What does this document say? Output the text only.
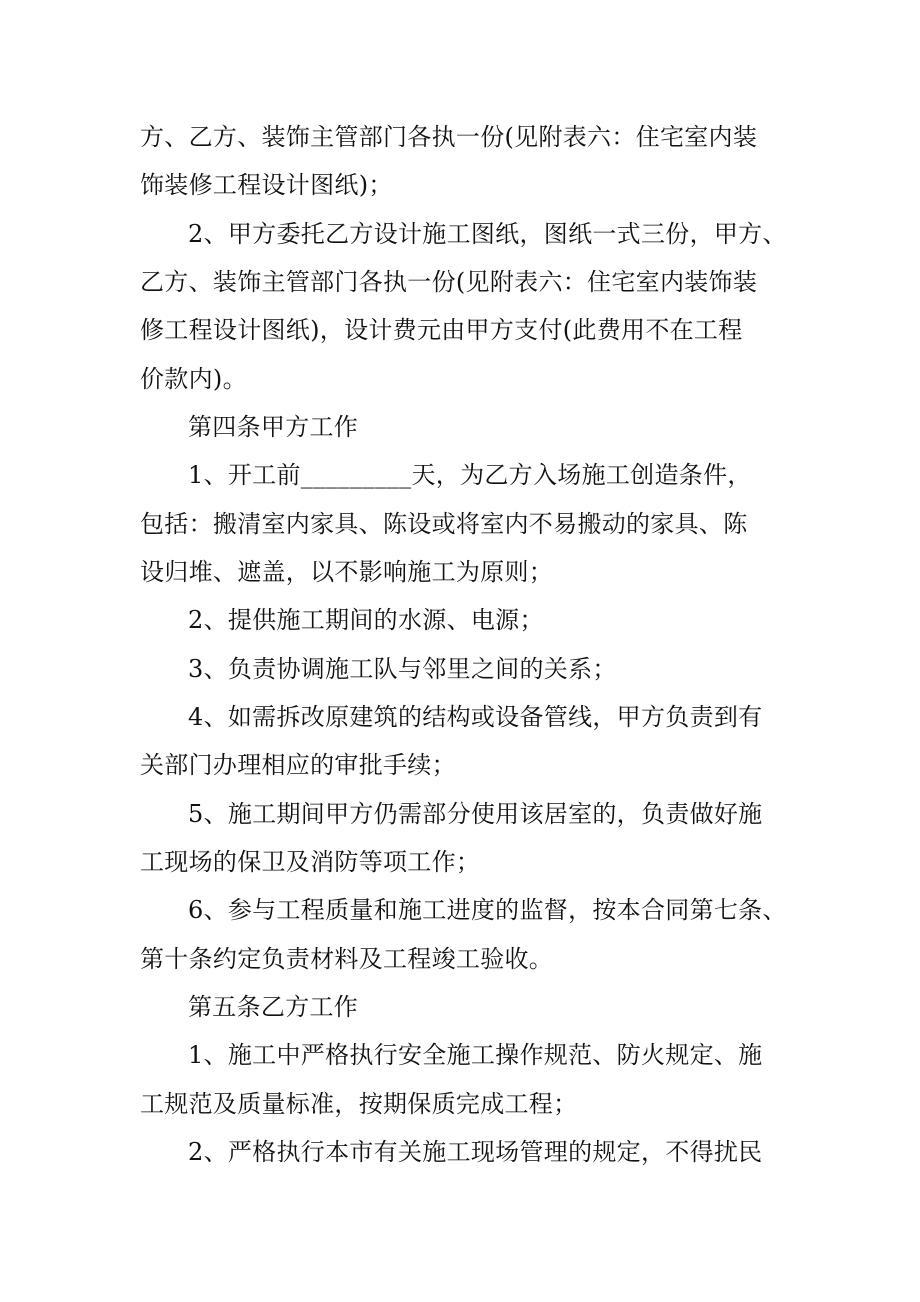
方、乙方、装饰主管部门各执一份(见附表六：住宅室内装
饰装修工程设计图纸)；
2、甲方委托乙方设计施工图纸，图纸一式三份，甲方、
乙方、装饰主管部门各执一份(见附表六：住宅室内装饰装
修工程设计图纸)，设计费元由甲方支付(此费用不在工程
价款内)。
第四条甲方工作
1、开工前_________天，为乙方入场施工创造条件，
包括：搬清室内家具、陈设或将室内不易搬动的家具、陈
设归堆、遮盖，以不影响施工为原则；
2、提供施工期间的水源、电源；
3、负责协调施工队与邻里之间的关系；
4、如需拆改原建筑的结构或设备管线，甲方负责到有
关部门办理相应的审批手续；
5、施工期间甲方仍需部分使用该居室的，负责做好施
工现场的保卫及消防等项工作；
6、参与工程质量和施工进度的监督，按本合同第七条、
第十条约定负责材料及工程竣工验收。
第五条乙方工作
1、施工中严格执行安全施工操作规范、防火规定、施
工规范及质量标准，按期保质完成工程；
2、严格执行本市有关施工现场管理的规定，不得扰民
